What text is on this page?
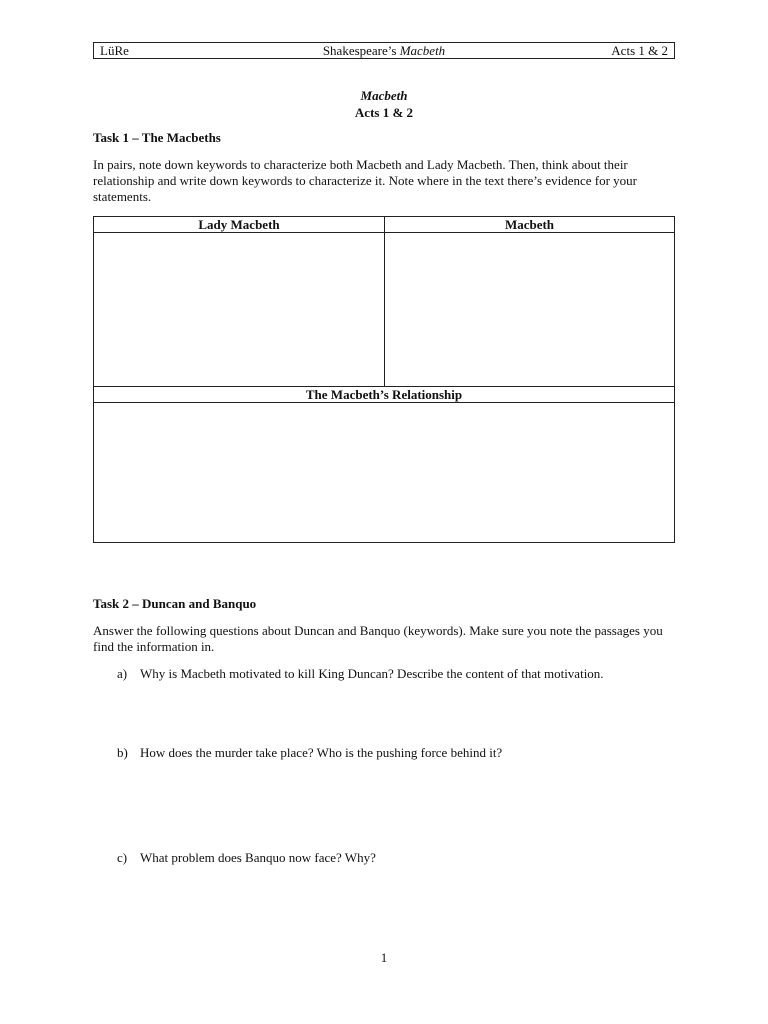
LüRe	Shakespeare’s Macbeth	Acts 1 & 2
Macbeth
Acts 1 & 2
Task 1 – The Macbeths
In pairs, note down keywords to characterize both Macbeth and Lady Macbeth. Then, think about their relationship and write down keywords to characterize it. Note where in the text there’s evidence for your statements.
Lady Macbeth	Macbeth

The Macbeth’s Relationship	

Task 2 – Duncan and Banquo
Answer the following questions about Duncan and Banquo (keywords). Make sure you note the passages you find the information in.
a) Why is Macbeth motivated to kill King Duncan? Describe the content of that motivation.
b) How does the murder take place? Who is the pushing force behind it?
c) What problem does Banquo now face? Why?
1
